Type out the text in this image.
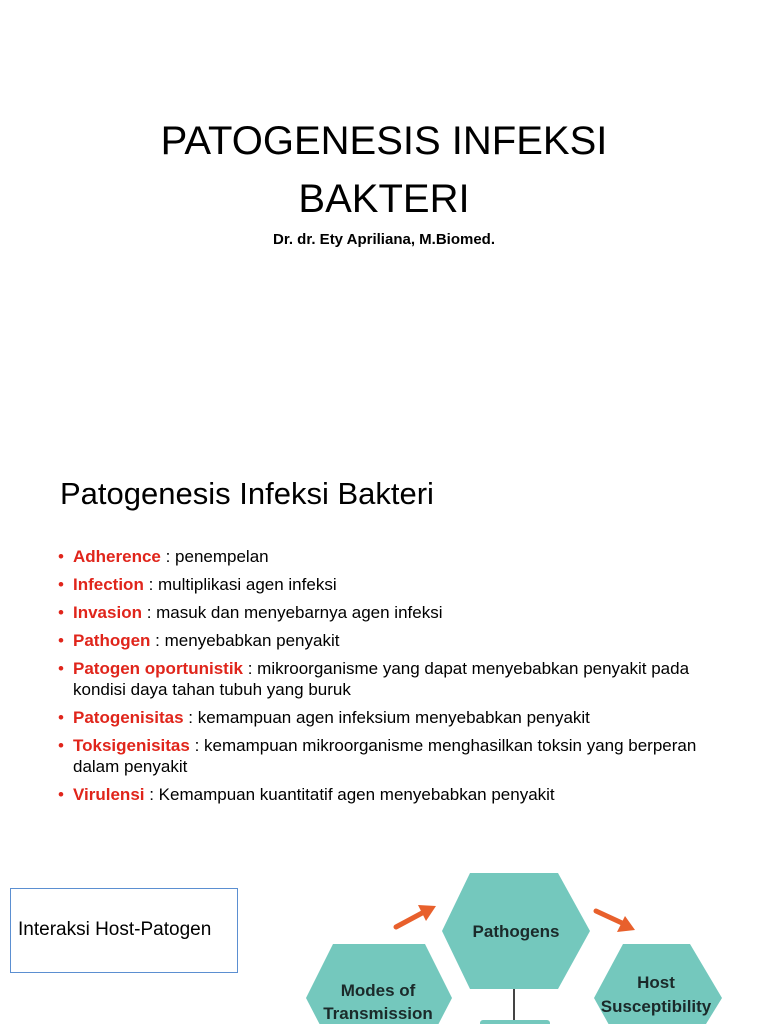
PATOGENESIS INFEKSI
BAKTERI
Dr. dr. Ety Apriliana, M.Biomed.
Patogenesis Infeksi Bakteri
• Adherence : penempelan
• Infection : multiplikasi agen infeksi
• Invasion : masuk dan menyebarnya agen infeksi
• Pathogen : menyebabkan penyakit
• Patogen oportunistik : mikroorganisme yang dapat menyebabkan penyakit pada kondisi daya tahan tubuh yang buruk
• Patogenisitas : kemampuan agen infeksium menyebabkan penyakit
• Toksigenisitas : kemampuan mikroorganisme menghasilkan toksin yang berperan dalam penyakit
• Virulensi : Kemampuan kuantitatif agen menyebabkan penyakit
Interaksi Host-Patogen	Pathogens
Modes of
Transmission
Host
Susceptibility
